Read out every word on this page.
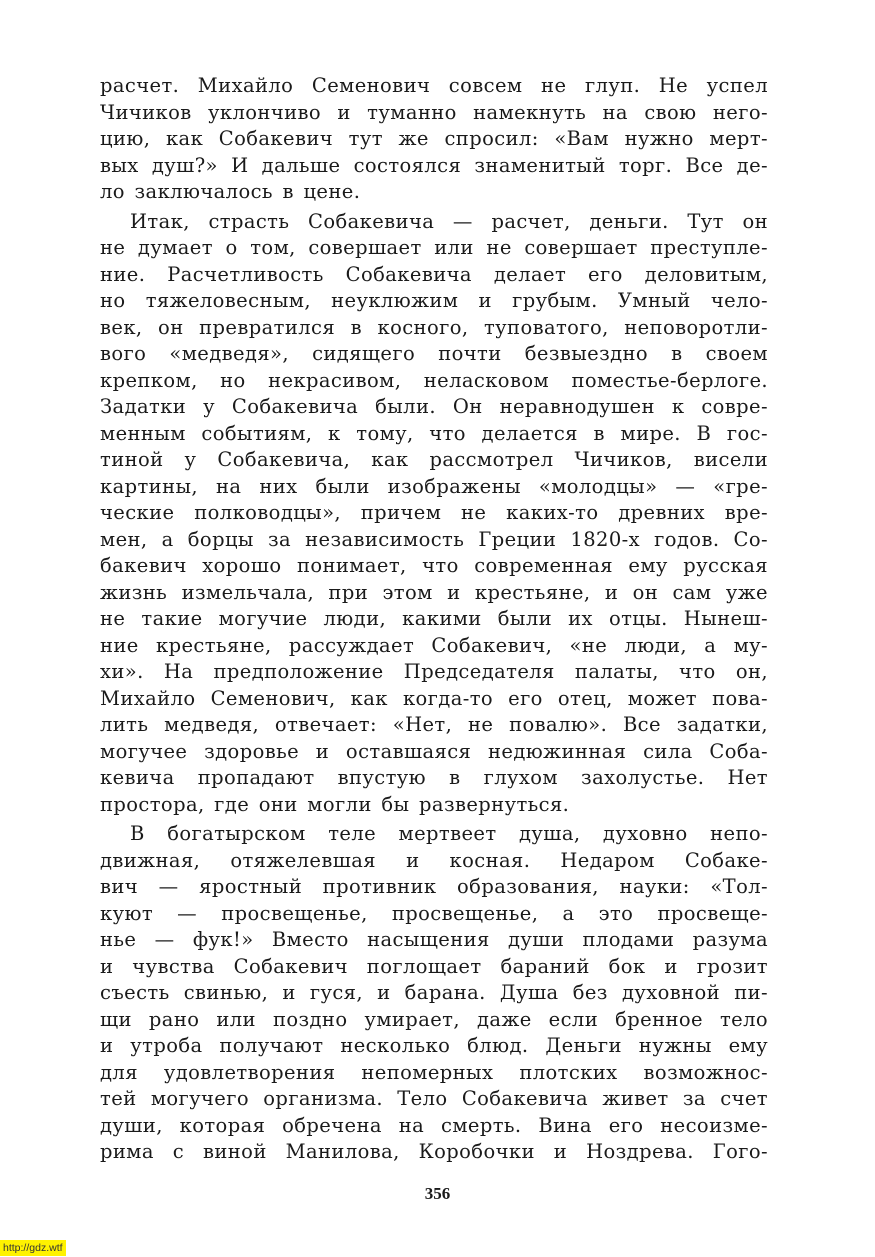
расчет. Михайло Семенович совсем не глуп. Не успел
Чичиков уклончиво и туманно намекнуть на свою него-
цию, как Собакевич тут же спросил: «Вам нужно мерт-
вых душ?» И дальше состоялся знаменитый торг. Все де-
ло заключалось в цене.
Итак, страсть Собакевича — расчет, деньги. Тут он
не думает о том, совершает или не совершает преступле-
ние. Расчетливость Собакевича делает его деловитым,
но тяжеловесным, неуклюжим и грубым. Умный чело-
век, он превратился в косного, туповатого, неповоротли-
вого «медведя», сидящего почти безвыездно в своем
крепком, но некрасивом, неласковом поместье-берлоге.
Задатки у Собакевича были. Он неравнодушен к совре-
менным событиям, к тому, что делается в мире. В гос-
тиной у Собакевича, как рассмотрел Чичиков, висели
картины, на них были изображены «молодцы» — «гре-
ческие полководцы», причем не каких-то древних вре-
мен, а борцы за независимость Греции 1820-х годов. Со-
бакевич хорошо понимает, что современная ему русская
жизнь измельчала, при этом и крестьяне, и он сам уже
не такие могучие люди, какими были их отцы. Нынеш-
ние крестьяне, рассуждает Собакевич, «не люди, а му-
хи». На предположение Председателя палаты, что он,
Михайло Семенович, как когда-то его отец, может пова-
лить медведя, отвечает: «Нет, не повалю». Все задатки,
могучее здоровье и оставшаяся недюжинная сила Соба-
кевича пропадают впустую в глухом захолустье. Нет
простора, где они могли бы развернуться.
В богатырском теле мертвеет душа, духовно непо-
движная, отяжелевшая и косная. Недаром Собаке-
вич — яростный противник образования, науки: «Тол-
куют — просвещенье, просвещенье, а это просвеще-
нье — фук!» Вместо насыщения души плодами разума
и чувства Собакевич поглощает бараний бок и грозит
съесть свинью, и гуся, и барана. Душа без духовной пи-
щи рано или поздно умирает, даже если бренное тело
и утроба получают несколько блюд. Деньги нужны ему
для удовлетворения непомерных плотских возможнос-
тей могучего организма. Тело Собакевича живет за счет
души, которая обречена на смерть. Вина его несоизме-
рима с виной Манилова, Коробочки и Ноздрева. Гого-
356
http://gdz.wtf
